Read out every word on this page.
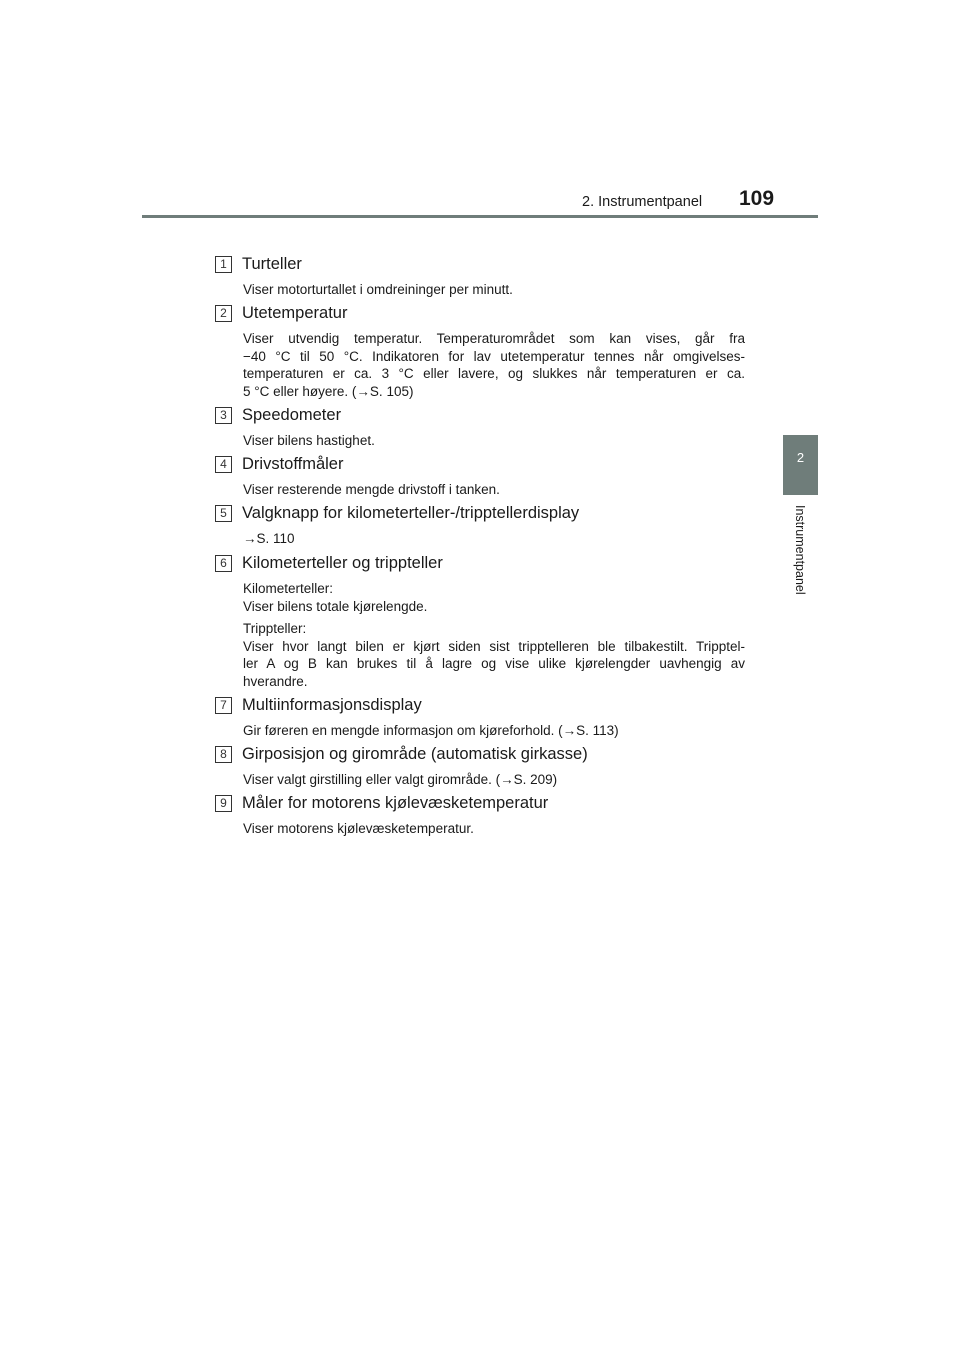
2. Instrumentpanel 109
2
Instrumentpanel
1 Turteller
Viser motorturtallet i omdreininger per minutt.
2 Utetemperatur
Viser utvendig temperatur. Temperaturområdet som kan vises, går fra
−40 °C til 50 °C. Indikatoren for lav utetemperatur tennes når omgivelses-
temperaturen er ca. 3 °C eller lavere, og slukkes når temperaturen er ca.
5 °C eller høyere. (→S. 105)
3 Speedometer
Viser bilens hastighet.
4 Drivstoffmåler
Viser resterende mengde drivstoff i tanken.
5 Valgknapp for kilometerteller-/tripptellerdisplay
→S. 110
6 Kilometerteller og trippteller

Kilometerteller:
Viser bilens totale kjørelengde.

Trippteller:
Viser hvor langt bilen er kjørt siden sist tripptelleren ble tilbakestilt. Tripptel-
ler A og B kan brukes til å lagre og vise ulike kjørelengder uavhengig av
hverandre.

7 Multiinformasjonsdisplay
Gir føreren en mengde informasjon om kjøreforhold. (→S. 113)
8 Girposisjon og girområde (automatisk girkasse)
Viser valgt girstilling eller valgt girområde. (→S. 209)
9 Måler for motorens kjølevæsketemperatur
Viser motorens kjølevæsketemperatur.
